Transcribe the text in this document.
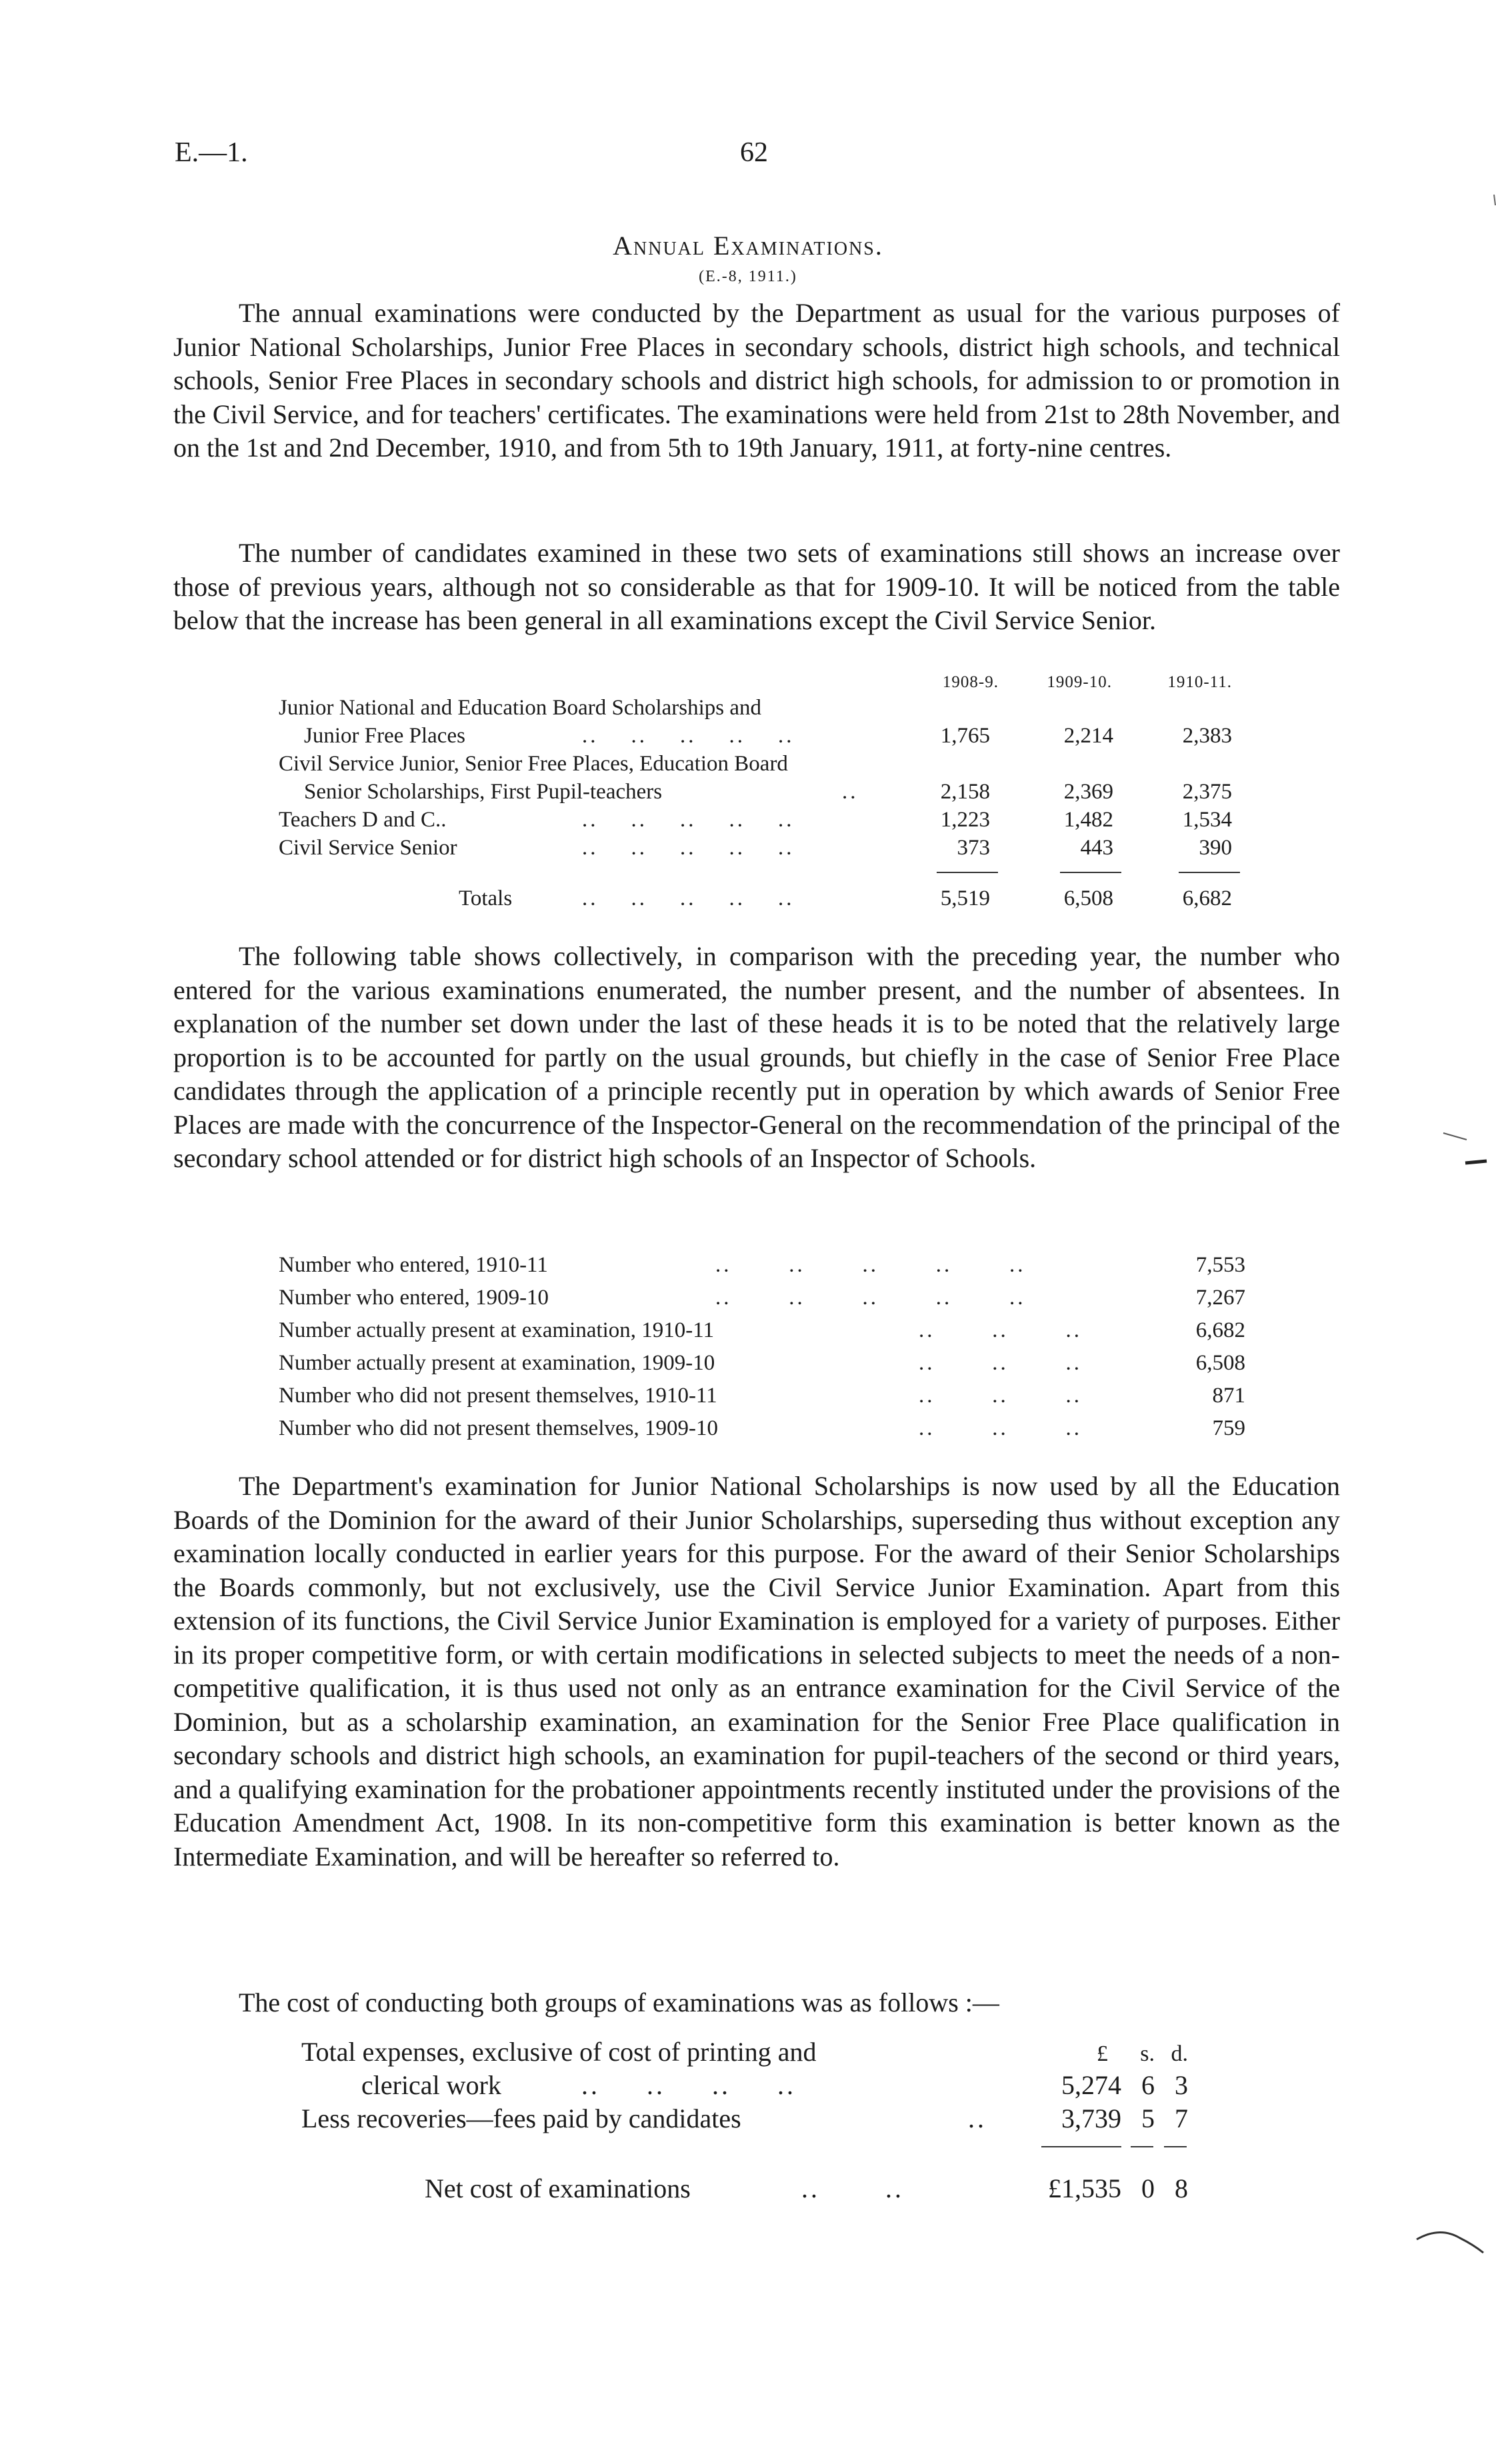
E.—1.	62
Annual Examinations.
(E.-8, 1911.)

The annual examinations were conducted by the Department as usual for the various purposes of Junior National Scholarships, Junior Free Places in secondary schools, district high schools, and technical schools, Senior Free Places in secondary schools and district high schools, for admission to or promotion in the Civil Service, and for teachers' certificates. The examinations were held from 21st to 28th November, and on the 1st and 2nd December, 1910, and from 5th to 19th January, 1911, at forty-nine centres.

The number of candidates examined in these two sets of examinations still shows an increase over those of previous years, although not so considerable as that for 1909-10. It will be noticed from the table below that the increase has been general in all examinations except the Civil Service Senior.

1908-9.	1909-10.	1910-11.
Junior National and Education Board Scholarships and
Junior Free Places	..    ..    ..    ..    ..	1,765	2,214	2,383
Civil Service Junior, Senior Free Places, Education Board
Senior Scholarships, First Pupil-teachers	..	2,158	2,369	2,375
Teachers D and C..	..    ..    ..    ..    ..	1,223	1,482	1,534
Civil Service Senior	..    ..    ..    ..    ..	373	443	390
Totals	..    ..    ..    ..    ..	5,519	6,508	6,682

The following table shows collectively, in comparison with the preceding year, the number who entered for the various examinations enumerated, the number present, and the number of absentees. In explanation of the number set down under the last of these heads it is to be noted that the relatively large proportion is to be accounted for partly on the usual grounds, but chiefly in the case of Senior Free Place candidates through the application of a principle recently put in operation by which awards of Senior Free Places are made with the concurrence of the Inspector-General on the recommendation of the principal of the secondary school attended or for district high schools of an Inspector of Schools.

Number who entered, 1910-11	..       ..       ..       ..       ..	7,553
Number who entered, 1909-10	..       ..       ..       ..       ..	7,267
Number actually present at examination, 1910-11	..       ..       ..	6,682
Number actually present at examination, 1909-10	..       ..       ..	6,508
Number who did not present themselves, 1910-11	..       ..       ..	871
Number who did not present themselves, 1909-10	..       ..       ..	759

The Department's examination for Junior National Scholarships is now used by all the Education Boards of the Dominion for the award of their Junior Scholarships, superseding thus without exception any examination locally conducted in earlier years for this purpose. For the award of their Senior Scholarships the Boards commonly, but not exclusively, use the Civil Service Junior Examination. Apart from this extension of its functions, the Civil Service Junior Examination is employed for a variety of purposes. Either in its proper competitive form, or with certain modifications in selected subjects to meet the needs of a non-competitive qualification, it is thus used not only as an entrance examination for the Civil Service of the Dominion, but as a scholarship examination, an examination for the Senior Free Place qualification in secondary schools and district high schools, an examination for pupil-teachers of the second or third years, and a qualifying examination for the probationer appointments recently instituted under the provisions of the Education Amendment Act, 1908. In its non-competitive form this examination is better known as the Intermediate Examination, and will be hereafter so referred to.

The cost of conducting both groups of examinations was as follows :—

£	s. d.
Total expenses, exclusive of cost of printing and
clerical work	..     ..     ..     ..	5,274 6 3
Less recoveries—fees paid by candidates	..	3,739 5 7
Net cost of examinations	..       ..	£1,535 0 8
